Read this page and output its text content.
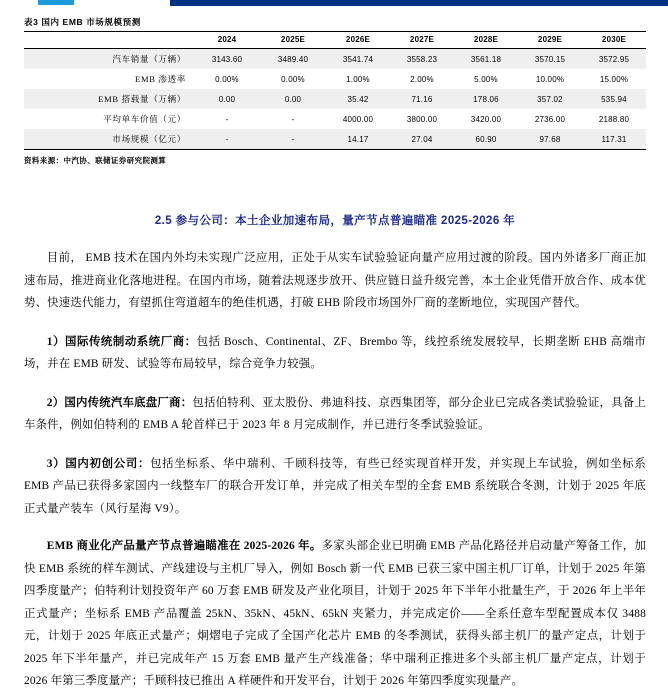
表3 国内 EMB 市场规模预测
	2024	2025E	2026E	2027E	2028E	2029E	2030E
汽车销量（万辆）	3143.60	3489.40	3541.74	3558.23	3561.18	3570.15	3572.95
EMB 渗透率	0.00%	0.00%	1.00%	2.00%	5.00%	10.00%	15.00%
EMB 搭载量（万辆）	0.00	0.00	35.42	71.16	178.06	357.02	535.94
平均单车价值（元）	-	-	4000.00	3800.00	3420.00	2736.00	2188.80
市场规模（亿元）	-	-	14.17	27.04	60.90	97.68	117.31
资料来源：中汽协、联储证券研究院测算
2.5 参与公司：本土企业加速布局，量产节点普遍瞄准 2025-2026 年

目前， EMB 技术在国内外均未实现广泛应用，正处于从实车试验验证向量产应用过渡的阶段。国内外诸多厂商正加速布局，推进商业化落地进程。在国内市场，随着法规逐步放开、供应链日益升级完善，本土企业凭借开放合作、成本优势、快速迭代能力，有望抓住弯道超车的绝佳机遇，打破 EHB 阶段市场国外厂商的垄断地位，实现国产替代。

1）国际传统制动系统厂商：包括 Bosch、Continental、ZF、Brembo 等，线控系统发展较早，长期垄断 EHB 高端市场，并在 EMB 研发、试验等布局较早，综合竞争力较强。

2）国内传统汽车底盘厂商：包括伯特利、亚太股份、弗迪科技、京西集团等，部分企业已完成各类试验验证，具备上车条件，例如伯特利的 EMB A 轮首样已于 2023 年 8 月完成制作，并已进行冬季试验验证。

3）国内初创公司：包括坐标系、华中瑞利、千顾科技等，有些已经实现首样开发，并实现上车试验，例如坐标系 EMB 产品已获得多家国内一线整车厂的联合开发订单，并完成了相关车型的全套 EMB 系统联合冬测，计划于 2025 年底正式量产装车（风行星海 V9）。

EMB 商业化产品量产节点普遍瞄准在 2025-2026 年。多家头部企业已明确 EMB 产品化路径并启动量产筹备工作，加快 EMB 系统的样车测试、产线建设与主机厂导入，例如 Bosch 新一代 EMB 已获三家中国主机厂订单，计划于 2025 年第四季度量产；伯特利计划投资年产 60 万套 EMB 研发及产业化项目，计划于 2025 年下半年小批量生产，于 2026 年上半年正式量产；坐标系 EMB 产品覆盖 25kN、35kN、45kN、65kN 夹紧力，并完成定价——全系任意车型配置成本仅 3488 元，计划于 2025 年底正式量产；炯熠电子完成了全国产化芯片 EMB 的冬季测试，获得头部主机厂的量产定点，计划于 2025 年下半年量产，并已完成年产 15 万套 EMB 量产生产线准备；华中瑞利正推进多个头部主机厂量产定点，计划于 2026 年第三季度量产；千顾科技已推出 A 样硬件和开发平台，计划于 2026 年第四季度实现量产。
